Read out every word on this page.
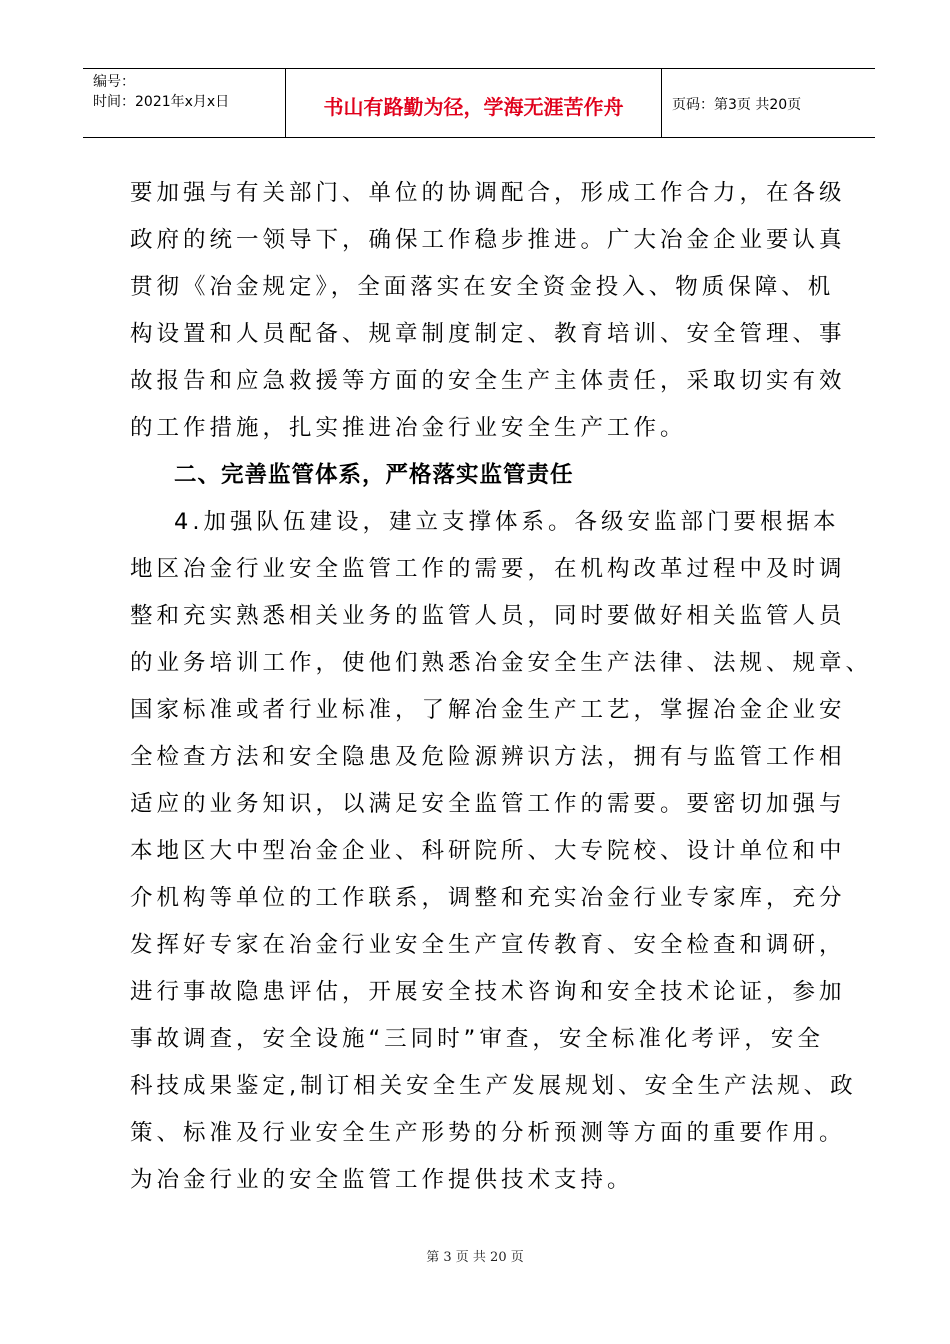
编号：
时间：2021年x月x日	书山有路勤为径，学海无涯苦作舟	页码：第3页 共20页
要加强与有关部门、单位的协调配合，形成工作合力，在各级
政府的统一领导下，确保工作稳步推进。广大冶金企业要认真
贯彻《冶金规定》，全面落实在安全资金投入、物质保障、机
构设置和人员配备、规章制度制定、教育培训、安全管理、事
故报告和应急救援等方面的安全生产主体责任，采取切实有效
的工作措施，扎实推进冶金行业安全生产工作。
二、完善监管体系，严格落实监管责任
4.加强队伍建设，建立支撑体系。各级安监部门要根据本
地区冶金行业安全监管工作的需要，在机构改革过程中及时调
整和充实熟悉相关业务的监管人员，同时要做好相关监管人员
的业务培训工作，使他们熟悉冶金安全生产法律、法规、规章、
国家标准或者行业标准，了解冶金生产工艺，掌握冶金企业安
全检查方法和安全隐患及危险源辨识方法，拥有与监管工作相
适应的业务知识，以满足安全监管工作的需要。要密切加强与
本地区大中型冶金企业、科研院所、大专院校、设计单位和中
介机构等单位的工作联系，调整和充实冶金行业专家库，充分
发挥好专家在冶金行业安全生产宣传教育、安全检查和调研，
进行事故隐患评估，开展安全技术咨询和安全技术论证，参加
事故调查，安全设施“三同时”审查，安全标准化考评，安全
科技成果鉴定,制订相关安全生产发展规划、安全生产法规、政
策、标准及行业安全生产形势的分析预测等方面的重要作用。
为冶金行业的安全监管工作提供技术支持。
第 3 页 共 20 页
